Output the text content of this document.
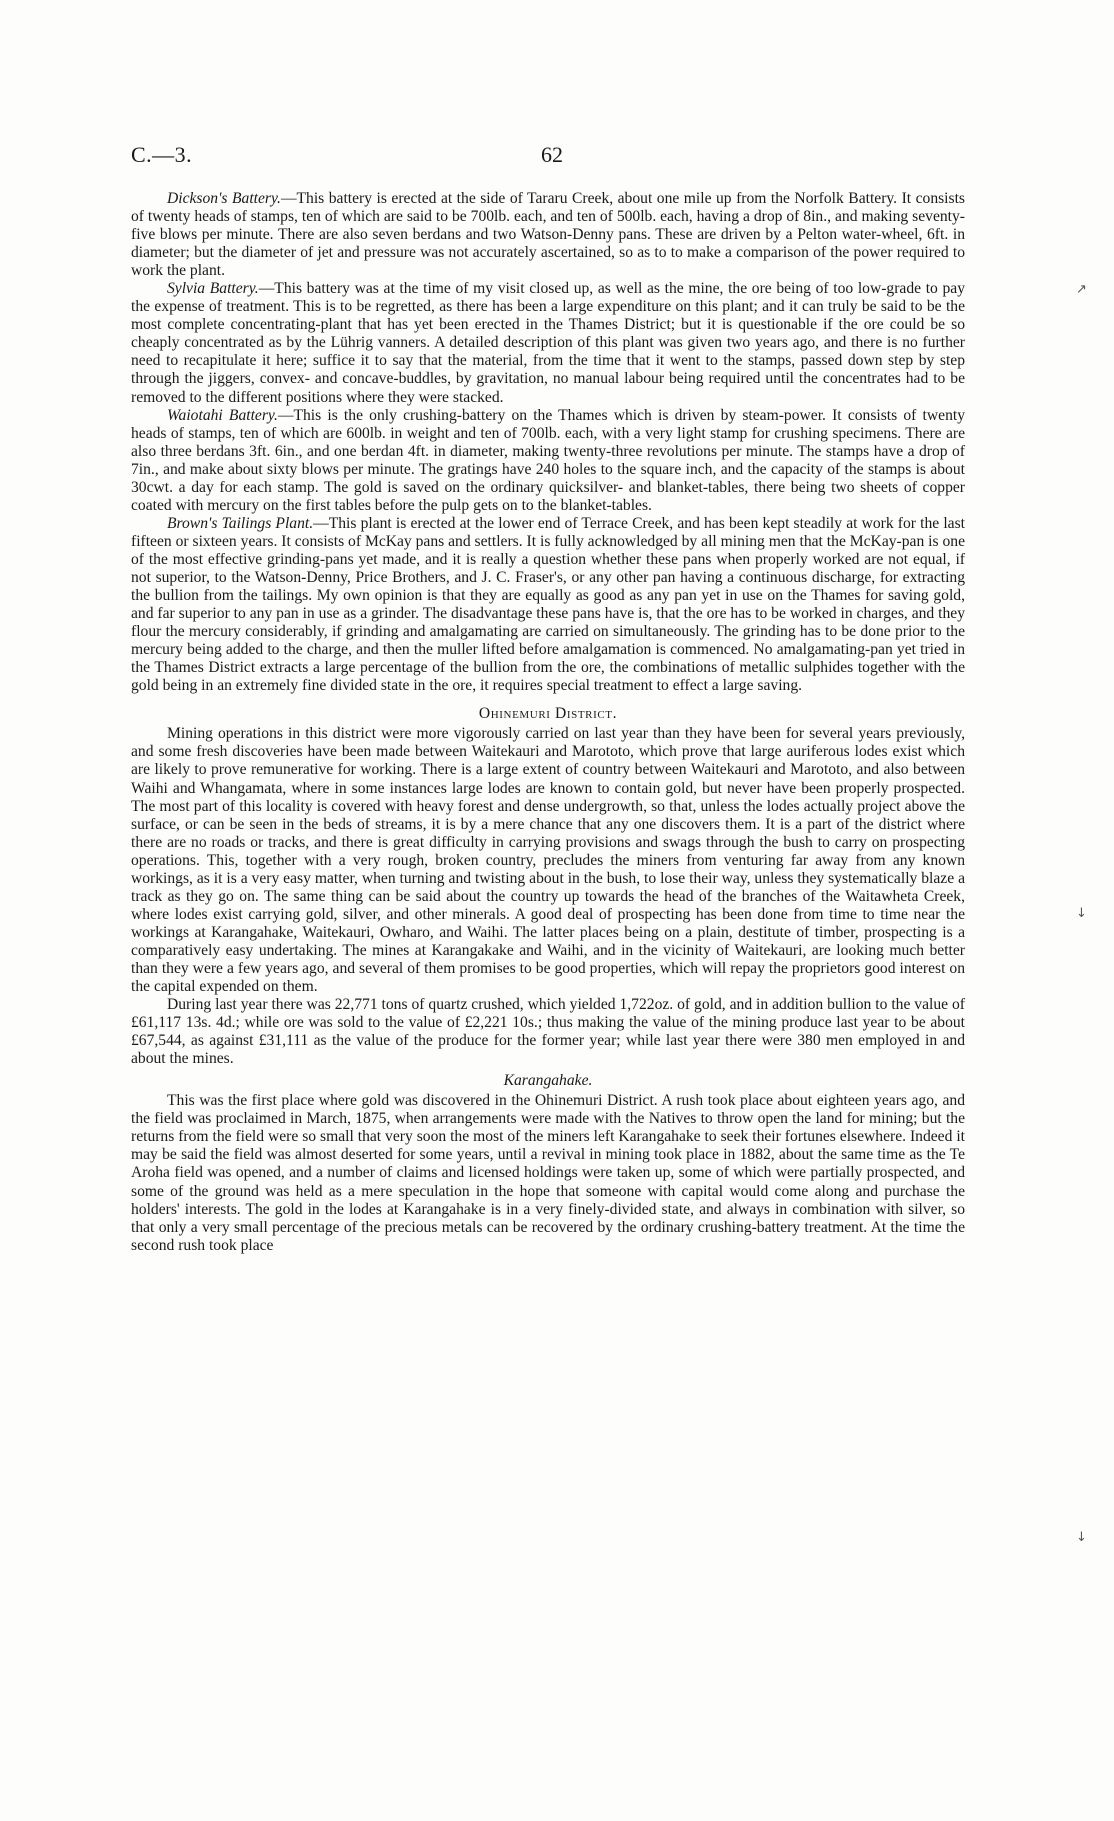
C.—3.	62

Dickson's Battery.—This battery is erected at the side of Tararu Creek, about one mile up from the Norfolk Battery. It consists of twenty heads of stamps, ten of which are said to be 700lb. each, and ten of 500lb. each, having a drop of 8in., and making seventy-five blows per minute. There are also seven berdans and two Watson-Denny pans. These are driven by a Pelton water-wheel, 6ft. in diameter; but the diameter of jet and pressure was not accurately ascertained, so as to to make a comparison of the power required to work the plant.

Sylvia Battery.—This battery was at the time of my visit closed up, as well as the mine, the ore being of too low-grade to pay the expense of treatment. This is to be regretted, as there has been a large expenditure on this plant; and it can truly be said to be the most complete concentrating-plant that has yet been erected in the Thames District; but it is questionable if the ore could be so cheaply concentrated as by the Lührig vanners. A detailed description of this plant was given two years ago, and there is no further need to recapitulate it here; suffice it to say that the material, from the time that it went to the stamps, passed down step by step through the jiggers, convex- and concave-buddles, by gravitation, no manual labour being required until the concentrates had to be removed to the different positions where they were stacked.

Waiotahi Battery.—This is the only crushing-battery on the Thames which is driven by steam-power. It consists of twenty heads of stamps, ten of which are 600lb. in weight and ten of 700lb. each, with a very light stamp for crushing specimens. There are also three berdans 3ft. 6in., and one berdan 4ft. in diameter, making twenty-three revolutions per minute. The stamps have a drop of 7in., and make about sixty blows per minute. The gratings have 240 holes to the square inch, and the capacity of the stamps is about 30cwt. a day for each stamp. The gold is saved on the ordinary quicksilver- and blanket-tables, there being two sheets of copper coated with mercury on the first tables before the pulp gets on to the blanket-tables.

Brown's Tailings Plant.—This plant is erected at the lower end of Terrace Creek, and has been kept steadily at work for the last fifteen or sixteen years. It consists of McKay pans and settlers. It is fully acknowledged by all mining men that the McKay-pan is one of the most effective grinding-pans yet made, and it is really a question whether these pans when properly worked are not equal, if not superior, to the Watson-Denny, Price Brothers, and J. C. Fraser's, or any other pan having a continuous discharge, for extracting the bullion from the tailings. My own opinion is that they are equally as good as any pan yet in use on the Thames for saving gold, and far superior to any pan in use as a grinder. The disadvantage these pans have is, that the ore has to be worked in charges, and they flour the mercury considerably, if grinding and amalgamating are carried on simultaneously. The grinding has to be done prior to the mercury being added to the charge, and then the muller lifted before amalgamation is commenced. No amalgamating-pan yet tried in the Thames District extracts a large percentage of the bullion from the ore, the combinations of metallic sulphides together with the gold being in an extremely fine divided state in the ore, it requires special treatment to effect a large saving.

Ohinemuri District.

Mining operations in this district were more vigorously carried on last year than they have been for several years previously, and some fresh discoveries have been made between Waitekauri and Marototo, which prove that large auriferous lodes exist which are likely to prove remunerative for working. There is a large extent of country between Waitekauri and Marototo, and also between Waihi and Whangamata, where in some instances large lodes are known to contain gold, but never have been properly prospected. The most part of this locality is covered with heavy forest and dense undergrowth, so that, unless the lodes actually project above the surface, or can be seen in the beds of streams, it is by a mere chance that any one discovers them. It is a part of the district where there are no roads or tracks, and there is great difficulty in carrying provisions and swags through the bush to carry on prospecting operations. This, together with a very rough, broken country, precludes the miners from venturing far away from any known workings, as it is a very easy matter, when turning and twisting about in the bush, to lose their way, unless they systematically blaze a track as they go on. The same thing can be said about the country up towards the head of the branches of the Waitawheta Creek, where lodes exist carrying gold, silver, and other minerals. A good deal of prospecting has been done from time to time near the workings at Karangahake, Waitekauri, Owharo, and Waihi. The latter places being on a plain, destitute of timber, prospecting is a comparatively easy undertaking. The mines at Karangakake and Waihi, and in the vicinity of Waitekauri, are looking much better than they were a few years ago, and several of them promises to be good properties, which will repay the proprietors good interest on the capital expended on them.

During last year there was 22,771 tons of quartz crushed, which yielded 1,722oz. of gold, and in addition bullion to the value of £61,117 13s. 4d.; while ore was sold to the value of £2,221 10s.; thus making the value of the mining produce last year to be about £67,544, as against £31,111 as the value of the produce for the former year; while last year there were 380 men employed in and about the mines.

Karangahake.

This was the first place where gold was discovered in the Ohinemuri District. A rush took place about eighteen years ago, and the field was proclaimed in March, 1875, when arrangements were made with the Natives to throw open the land for mining; but the returns from the field were so small that very soon the most of the miners left Karangahake to seek their fortunes elsewhere. Indeed it may be said the field was almost deserted for some years, until a revival in mining took place in 1882, about the same time as the Te Aroha field was opened, and a number of claims and licensed holdings were taken up, some of which were partially prospected, and some of the ground was held as a mere speculation in the hope that someone with capital would come along and purchase the holders' interests. The gold in the lodes at Karangahake is in a very finely-divided state, and always in combination with silver, so that only a very small percentage of the precious metals can be recovered by the ordinary crushing-battery treatment. At the time the second rush took place

↗
↓
↓
